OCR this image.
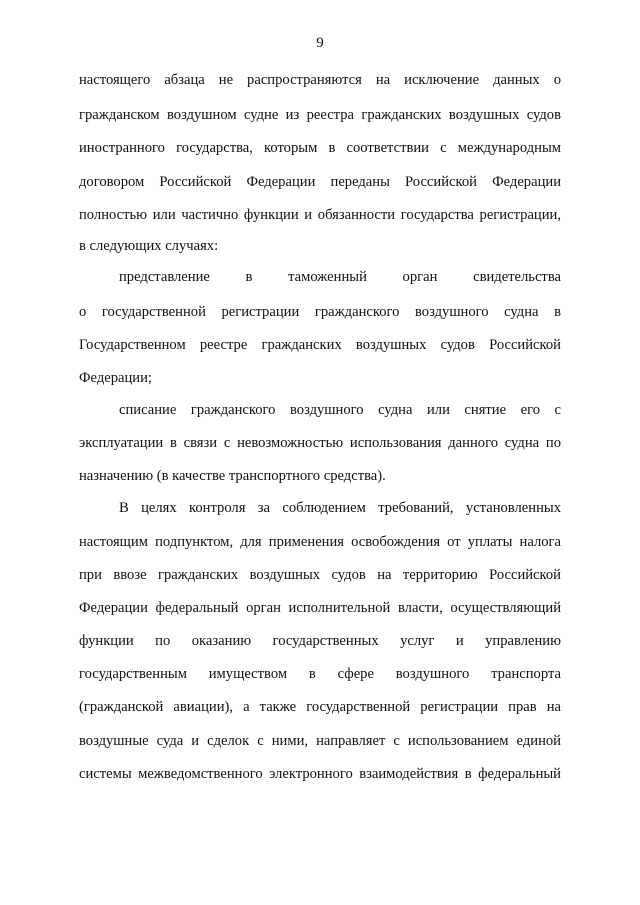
9
настоящего абзаца не распространяются на исключение данных о
гражданском воздушном судне из реестра гражданских воздушных судов
иностранного государства, которым в соответствии с международным
договором Российской Федерации переданы Российской Федерации
полностью или частично функции и обязанности государства регистрации,
в следующих случаях:
представление в таможенный орган свидетельства
о государственной регистрации гражданского воздушного судна в
Государственном реестре гражданских воздушных судов Российской
Федерации;
списание гражданского воздушного судна или снятие его с
эксплуатации в связи с невозможностью использования данного судна по
назначению (в качестве транспортного средства).
В целях контроля за соблюдением требований, установленных
настоящим подпунктом, для применения освобождения от уплаты налога
при ввозе гражданских воздушных судов на территорию Российской
Федерации федеральный орган исполнительной власти, осуществляющий
функции по оказанию государственных услуг и управлению
государственным имуществом в сфере воздушного транспорта
(гражданской авиации), а также государственной регистрации прав на
воздушные суда и сделок с ними, направляет с использованием единой
системы межведомственного электронного взаимодействия в федеральный
